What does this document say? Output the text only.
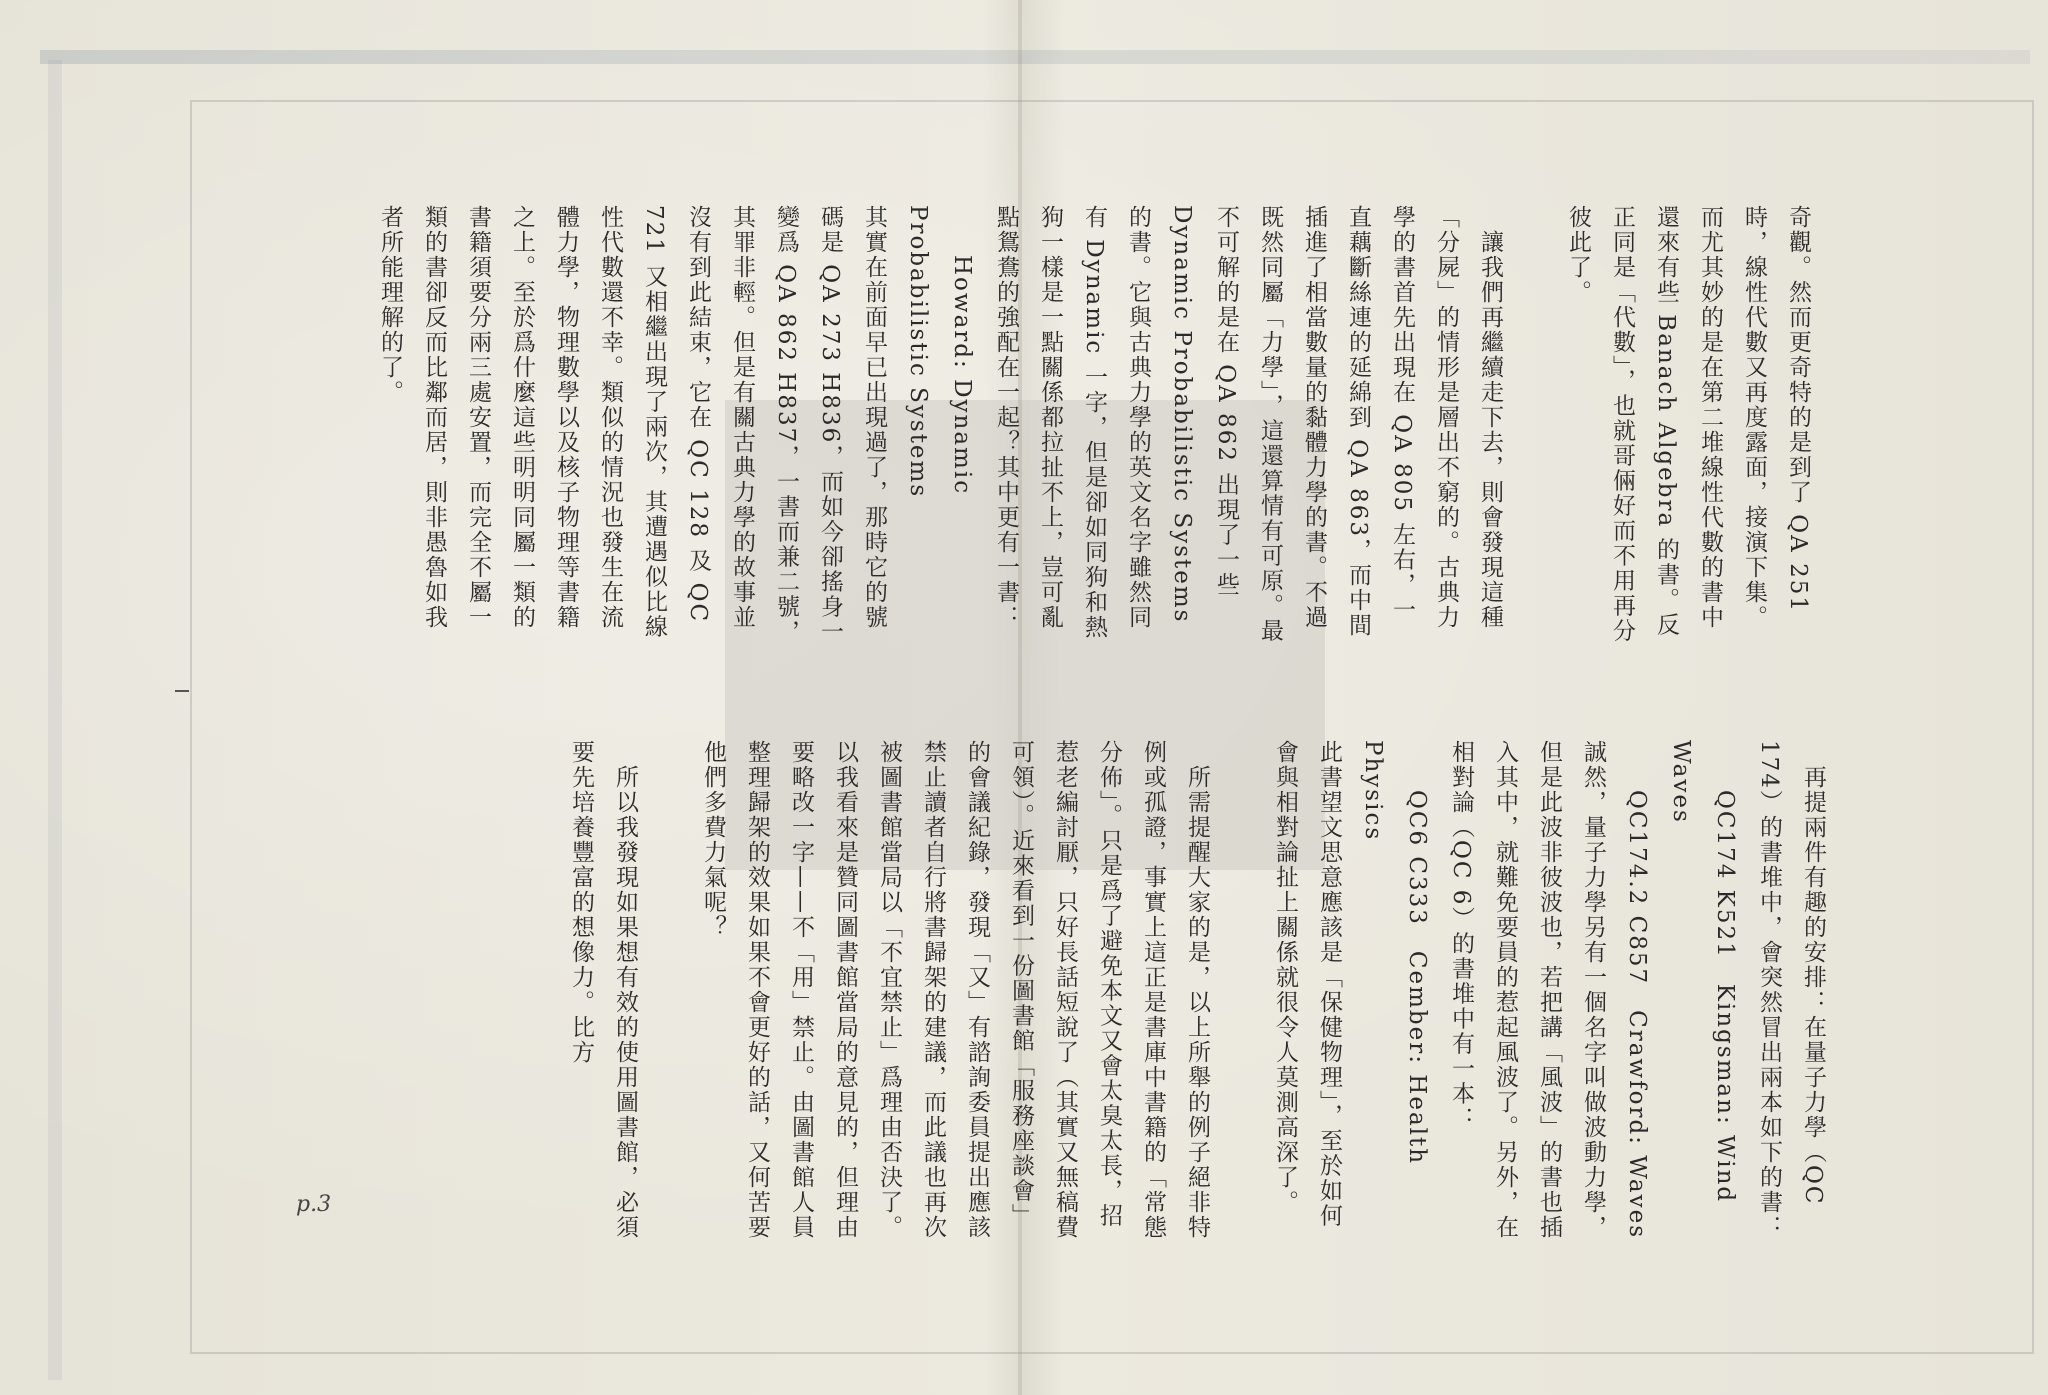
奇觀。然而更奇特的是到了 QA 251 時，線性代數又再度露面，接演下集。而尤其妙的是在第二堆線性代數的書中還來有些 Banach Algebra 的書。反正同是「代數」，也就哥倆好而不用再分彼此了。

　讓我們再繼續走下去，則會發現這種「分屍」的情形是層出不窮的。古典力學的書首先出現在 QA 805 左右，一直藕斷絲連的延綿到 QA 863，而中間插進了相當數量的黏體力學的書。不過既然同屬「力學」，這還算情有可原。最不可解的是在 QA 862 出現了一些 Dynamic Probabilistic Systems 的書。它與古典力學的英文名字雖然同有 Dynamic 一字，但是卻如同狗和熱狗一樣是一點關係都拉扯不上，豈可亂點鴛鴦的強配在一起？其中更有一書：
　　Howard: Dynamic Probabilistic Systems
其實在前面早已出現過了，那時它的號碼是 QA 273 H836，而如今卻搖身一變爲 QA 862 H837，一書而兼二號，其罪非輕。但是有關古典力學的故事並沒有到此結束，它在 QC 128 及 QC 721 又相繼出現了兩次，其遭遇似比線性代數還不幸。類似的情況也發生在流體力學，物理數學以及核子物理等書籍之上。至於爲什麼這些明明同屬一類的書籍須要分兩三處安置，而完全不屬一類的書卻反而比鄰而居，則非愚魯如我者所能理解的了。
　再提兩件有趣的安排：在量子力學（QC 174）的書堆中，會突然冒出兩本如下的書：
　　QC174 K521　Kingsman: Wind Waves
　　QC174.2 C857　Crawford: Waves
誠然，量子力學另有一個名字叫做波動力學，但是此波非彼波也，若把講「風波」的書也插入其中，就難免要員的惹起風波了。另外，在相對論（QC 6）的書堆中有一本：
　　QC6 C333　Cember: Health Physics
此書望文思意應該是「保健物理」，至於如何會與相對論扯上關係就很令人莫測高深了。

　所需提醒大家的是，以上所舉的例子絕非特例或孤證，事實上這正是書庫中書籍的「常態分佈」。只是爲了避免本文又會太臭太長，招惹老編討厭，只好長話短說了（其實又無稿費可領）。近來看到一份圖書館「服務座談會」的會議紀錄，發現「又」有諮詢委員提出應該禁止讀者自行將書歸架的建議，而此議也再次被圖書館當局以「不宜禁止」爲理由否決了。以我看來是贊同圖書館當局的意見的，但理由要略改一字——不「用」禁止。由圖書館人員整理歸架的效果如果不會更好的話，又何苦要他們多費力氣呢？

　所以我發現如果想有效的使用圖書館，必須要先培養豐富的想像力。比方
p.3
